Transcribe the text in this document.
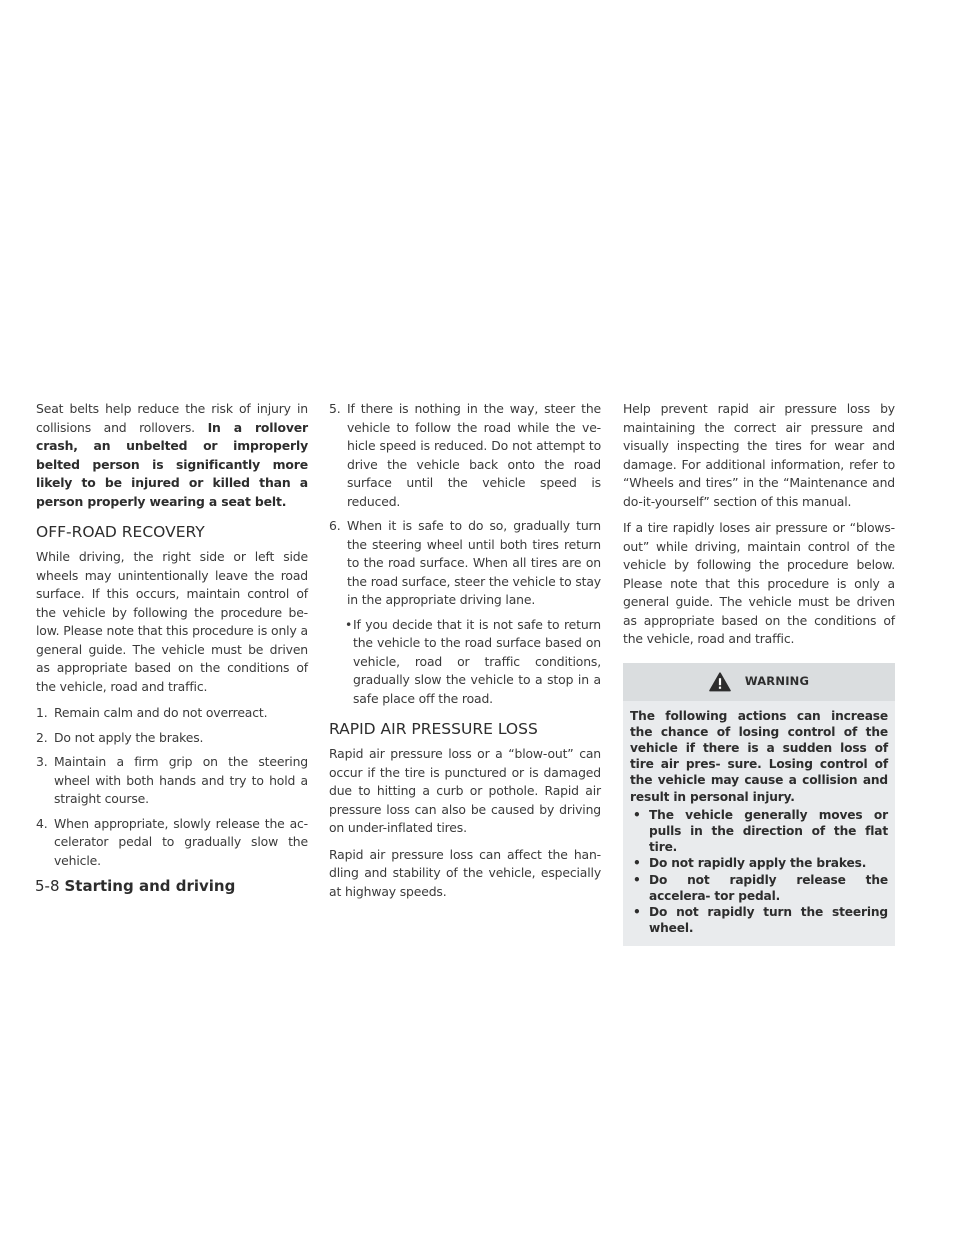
Seat belts help reduce the risk of injury in collisions and rollovers. In a rollover crash, an unbelted or improperly belted person is significantly more likely to be injured or killed than a person properly wearing a seat belt.

OFF-ROAD RECOVERY

While driving, the right side or left side wheels may unintentionally leave the road surface. If this occurs, maintain control of the vehicle by following the procedure be- low. Please note that this procedure is only a general guide. The vehicle must be driven as appropriate based on the conditions of the vehicle, road and traffic.

1. Remain calm and do not overreact.
2. Do not apply the brakes.
3. Maintain a firm grip on the steering wheel with both hands and try to hold a straight course.
4. When appropriate, slowly release the ac- celerator pedal to gradually slow the vehicle.
5. If there is nothing in the way, steer the vehicle to follow the road while the ve- hicle speed is reduced. Do not attempt to drive the vehicle back onto the road surface until the vehicle speed is reduced.
6. When it is safe to do so, gradually turn the steering wheel until both tires return to the road surface. When all tires are on the road surface, steer the vehicle to stay in the appropriate driving lane.
• If you decide that it is not safe to return the vehicle to the road surface based on vehicle, road or traffic conditions, gradually slow the vehicle to a stop in a safe place off the road.
RAPID AIR PRESSURE LOSS

Rapid air pressure loss or a “blow-out” can occur if the tire is punctured or is damaged due to hitting a curb or pothole. Rapid air pressure loss can also be caused by driving on under-inflated tires.

Rapid air pressure loss can affect the han- dling and stability of the vehicle, especially at highway speeds.

Help prevent rapid air pressure loss by maintaining the correct air pressure and visually inspecting the tires for wear and damage. For additional information, refer to “Wheels and tires” in the “Maintenance and do-it-yourself” section of this manual.

If a tire rapidly loses air pressure or “blows- out” while driving, maintain control of the vehicle by following the procedure below. Please note that this procedure is only a general guide. The vehicle must be driven as appropriate based on the conditions of the vehicle, road and traffic.

WARNING

The following actions can increase the chance of losing control of the vehicle if there is a sudden loss of tire air pres- sure. Losing control of the vehicle may cause a collision and result in personal injury.

• The vehicle generally moves or pulls in the direction of the flat tire.
• Do not rapidly apply the brakes.
• Do not rapidly release the accelera- tor pedal.
• Do not rapidly turn the steering wheel.
5-8 Starting and driving
